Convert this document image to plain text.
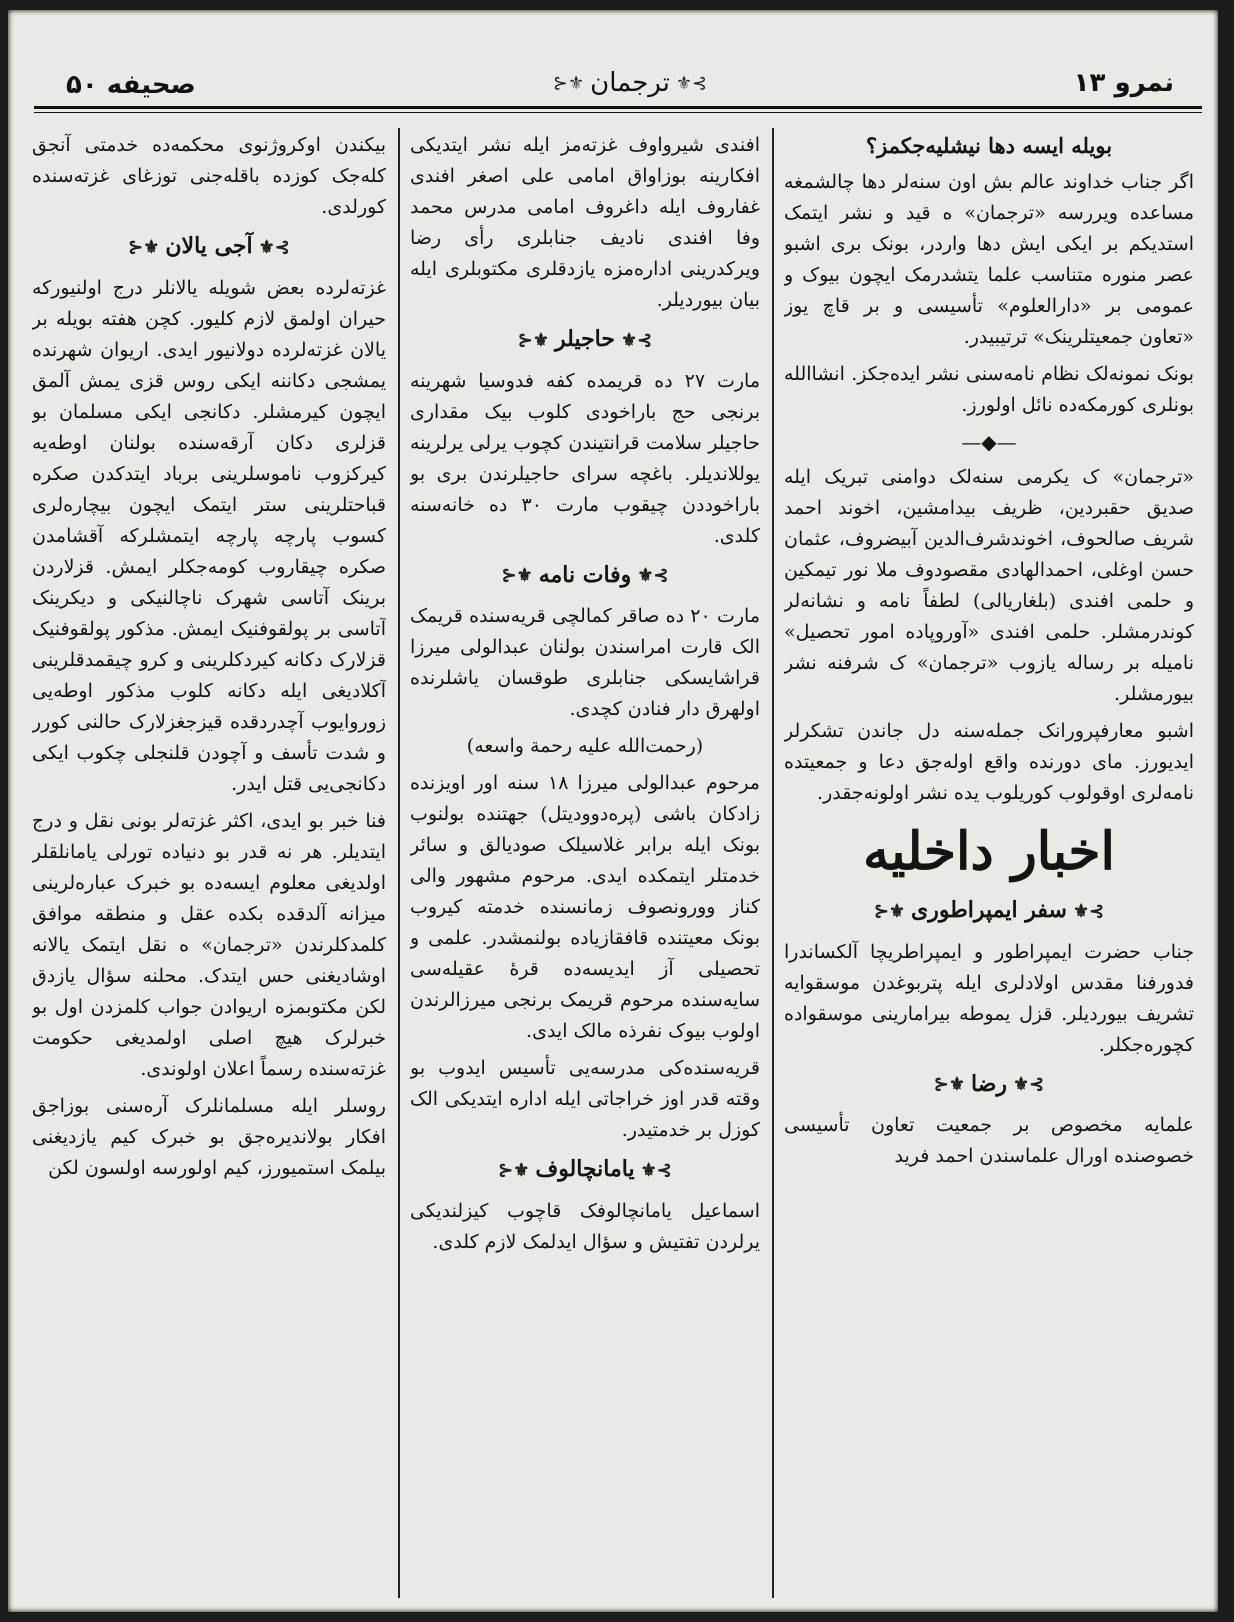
صحیفه ۵۰	⊱⚜ترجمان⚜⊰	نمرو ۱۳

بویله ایسه دها نیشلیه‌جکمز؟

اگر جناب خداوند عالم بش اون سنه‌لر دها چالشمغه مساعده ویررسه «ترجمان» ه قید و نشر ایتمک استدیکم بر ایکی ایش دها واردر، بونک بری اشبو عصر منوره متناسب علما یتشدرمک ایچون بیوک و عمومی بر «دارالعلوم» تأسیسی و بر قاچ یوز «تعاون جمعیتلرینک» ترتیبیدر.

بونک نمونه‌لک نظام نامه‌سنی نشر ایده‌جکز. انشاالله بونلری کورمکه‌ده نائل اولورز.

—◆—

«ترجمان» ک یکرمی سنه‌لک دوامنی تبریک ایله صدیق حقبردین، ظریف بیدامشین، اخوند احمد شریف صالحوف، اخوندشرف‌الدین آبیضروف، عثمان حسن اوغلی، احمدالهادی مقصودوف ملا نور تیمکین و حلمی افندی (بلغاریالی) لطفاً نامه و نشانه‌لر کوندرمشلر. حلمی افندی «آوروپاده امور تحصیل» نامیله بر رساله یازوب «ترجمان» ک شرفنه نشر بیورمشلر.

اشبو معارفپرورانک جمله‌سنه دل جاندن تشکرلر ایدیورز. مای دورنده واقع اوله‌جق دعا و جمعیتده نامه‌لری اوقولوب کوریلوب یده نشر اولونه‌جقدر.

اخبار داخلیه
⊱⚜سفر ایمپراطوری⚜⊰

جناب حضرت ایمپراطور و ایمپراطریچا آلکساندرا فدورفنا مقدس اولادلری ایله پتربوغدن موسقوایه تشریف بیوردیلر. قزل یموطه بیرامارینی موسقواده کچوره‌جکلر.

⊱⚜رضا⚜⊰

علمایه مخصوص بر جمعیت تعاون تأسیسی خصوصنده اورال علماسندن احمد فرید

افندی شیرواوف غزته‌مز ایله نشر ایتدیکی افکارینه بوزاواق امامی علی اصغر افندی غفاروف ایله داغروف امامی مدرس محمد وفا افندی نادیف جنابلری رأی رضا ویرکدرینی اداره‌مزه یازدقلری مکتوبلری ایله بیان بیوردیلر.

⊱⚜حاجیلر⚜⊰

مارت ۲۷ ده قریمده کفه فدوسیا شهرینه برنجی حج باراخودی کلوب بیک مقداری حاجیلر سلامت قرانتیندن کچوب یرلی یرلرینه یوللاندیلر. باغچه سرای حاجیلرندن بری بو باراخوددن چیقوب مارت ۳۰ ده خانه‌سنه کلدی.

⊱⚜وفات نامه⚜⊰

مارت ۲۰ ده صاقر کمالچی قریه‌سنده قریمک الک قارت امراسندن بولنان عبدالولی میرزا قراشایسکی جنابلری طوقسان یاشلرنده اولهرق دار فنادن کچدی.

(رحمت‌الله علیه رحمة واسعه)

مرحوم عبدالولی میرزا ۱۸ سنه اور اویزنده زادکان باشی (پره‌دوودیتل) جهتنده بولنوب بونک ایله برابر غلاسیلک صودیالق و سائر خدمتلر ایتمکده ایدی. مرحوم مشهور والی کناز وورونصوف زمانسنده خدمته کیروب بونک معیتنده قافقازیاده بولنمشدر. علمی و تحصیلی آز ایدیسه‌ده قرهٔ عقیله‌سی سایه‌سنده مرحوم قریمک برنجی میرزالرندن اولوب بیوک نفرذه مالک ایدی.

قریه‌سنده‌کی مدرسه‌یی تأسیس ایدوب بو وقته قدر اوز خراجاتی ایله اداره ایتدیکی الک کوزل بر خدمتیدر.

⊱⚜یامانچالوف⚜⊰

اسماعیل یامانچالوفک قاچوب کیزلندیکی یرلردن تفتیش و سؤال ایدلمک لازم کلدی.

بیکندن اوکروژنوی محکمه‌ده خدمتی آنجق کله‌جک کوزده باقله‌جنی توزغای غزته‌سنده کورلدی.

⊱⚜آجی یالان⚜⊰

غزته‌لرده بعض شویله یالانلر درج اولنیورکه حیران اولمق لازم کلیور. کچن هفته بویله بر یالان غزته‌لرده دولانیور ایدی. اریوان شهرنده یمشجی دکاننه ایکی روس قزی یمش آلمق ایچون کیرمشلر. دکانجی ایکی مسلمان بو قزلری دکان آرقه‌سنده بولنان اوطه‌یه کیرکزوب ناموسلرینی برباد ایتدکدن صکره قباحتلرینی ستر ایتمک ایچون بیچاره‌لری کسوب پارچه پارچه ایتمشلرکه آقشامدن صکره چیقاروب کومه‌جکلر ایمش. قزلاردن برینک آتاسی شهرک ناچالنیکی و دیکرینک آتاسی بر پولقوفنیک ایمش. مذکور پولقوفنیک قزلارک دکانه کیردکلرینی و کرو چیقمدقلرینی آکلادیغی ایله دکانه کلوب مذکور اوطه‌یی زوروایوب آچدردقده قیزجغزلارک حالنی کورر و شدت تأسف و آچودن قلنجلی چکوب ایکی دکانجی‌یی قتل ایدر.

فنا خبر بو ایدی، اکثر غزته‌لر بونی نقل و درج ایتدیلر. هر نه قدر بو دنیاده تورلی یامانلقلر اولدیغی معلوم ایسه‌ده بو خبرک عباره‌لرینی میزانه آلدقده بکده عقل و منطقه موافق کلمدکلرندن «ترجمان» ه نقل ایتمک یالانه اوشادیغنی حس ایتدک. محلنه سؤال یازدق لکن مکتوبمزه اریوادن جواب کلمزدن اول بو خبرلرک هیچ اصلی اولمدیغی حکومت غزته‌سنده رسماً اعلان اولوندی.

روسلر ایله مسلمانلرک آره‌سنی بوزاجق افکار بولاندیره‌جق بو خبرک کیم یازدیغنی بیلمک استمیورز، کیم اولورسه اولسون لکن
